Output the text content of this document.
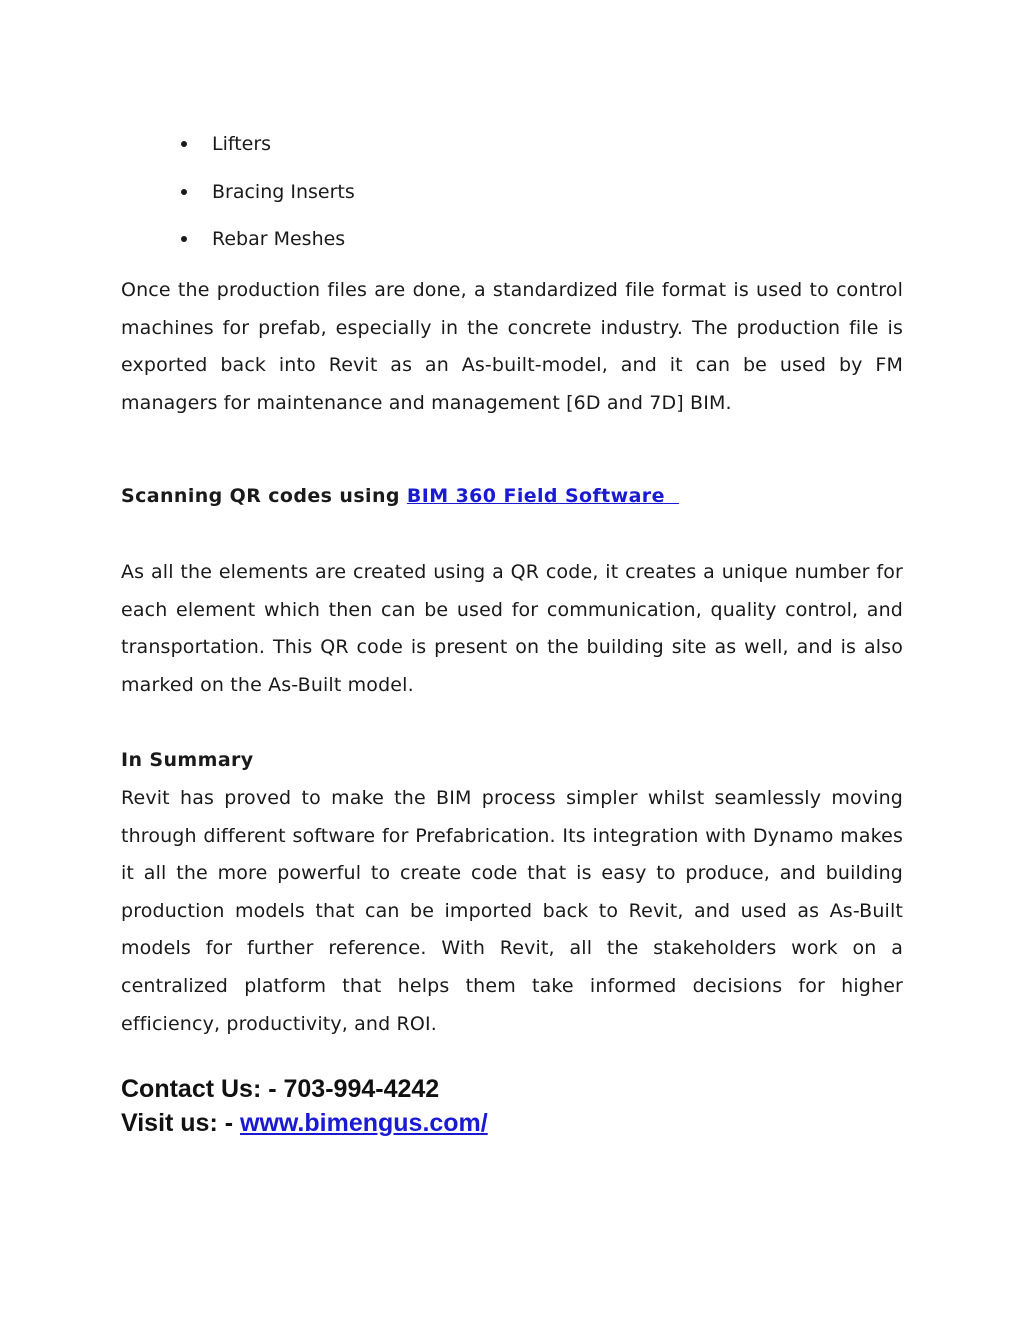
Lifters
Bracing Inserts
Rebar Meshes

Once the production files are done, a standardized file format is used to control machines for prefab, especially in the concrete industry. The production file is exported back into Revit as an As-built-model, and it can be used by FM managers for maintenance and management [6D and 7D] BIM.

Scanning QR codes using BIM 360 Field Software

As all the elements are created using a QR code, it creates a unique number for each element which then can be used for communication, quality control, and transportation. This QR code is present on the building site as well, and is also marked on the As-Built model.

In Summary

Revit has proved to make the BIM process simpler whilst seamlessly moving through different software for Prefabrication. Its integration with Dynamo makes it all the more powerful to create code that is easy to produce, and building production models that can be imported back to Revit, and used as As-Built models for further reference. With Revit, all the stakeholders work on a centralized platform that helps them take informed decisions for higher efficiency, productivity, and ROI.

Contact Us: - 703-994-4242
Visit us: - www.bimengus.com/
